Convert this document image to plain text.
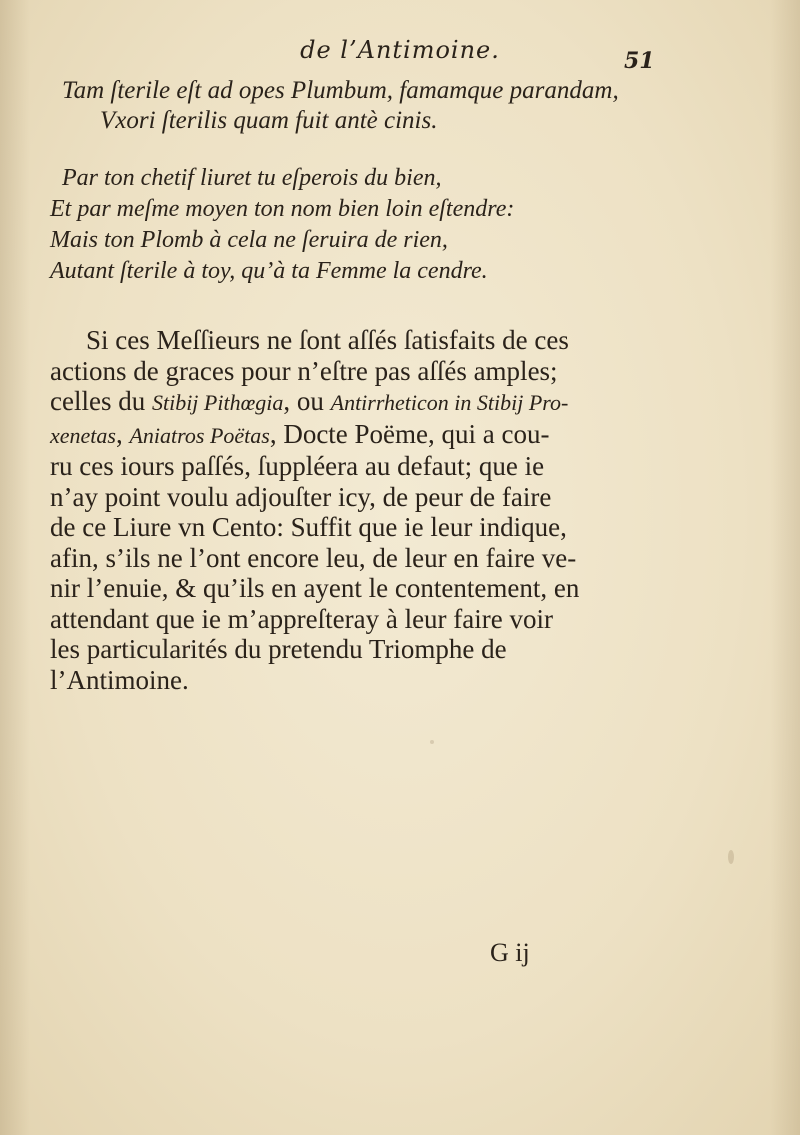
de l’Antimoine.	51
Tam ſterile eſt ad opes Plumbum, famamque parandam,
Vxori ſterilis quam fuit antè cinis.
Par ton chetif liuret tu eſperois du bien,
Et par meſme moyen ton nom bien loin eſtendre:
Mais ton Plomb à cela ne ſeruira de rien,
Autant ſterile à toy, qu’à ta Femme la cendre.
Si ces Meſſieurs ne ſont aſſés ſatisfaits de ces
actions de graces pour n’eſtre pas aſſés amples;
celles du Stibij Pithœgia, ou Antirrheticon in Stibij Pro-
xenetas, Aniatros Poëtas, Docte Poëme, qui a cou-
ru ces iours paſſés, ſuppléera au defaut; que ie
n’ay point voulu adjouſter icy, de peur de faire
de ce Liure vn Cento: Suffit que ie leur indique,
afin, s’ils ne l’ont encore leu, de leur en faire ve-
nir l’enuie, & qu’ils en ayent le contentement, en
attendant que ie m’appreſteray à leur faire voir
les particularités du pretendu Triomphe de
l’Antimoine.
G ij
